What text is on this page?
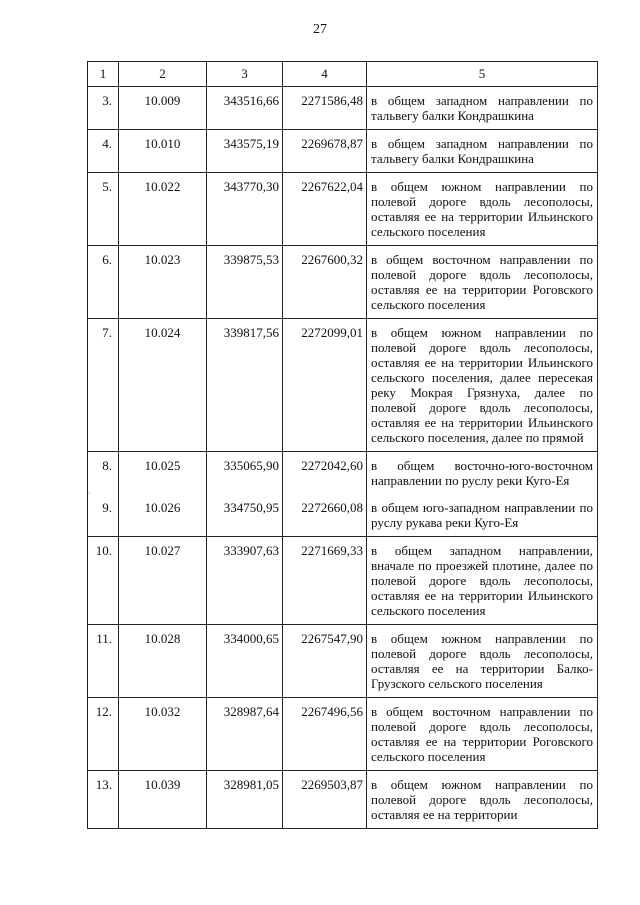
27
·
1	2	3	4	5
3.	10.009	343516,66	2271586,48	в общем западном направлении по тальвегу балки Кондрашкина
4.	10.010	343575,19	2269678,87	в общем западном направлении по тальвегу балки Кондрашкина
5.	10.022	343770,30	2267622,04	в общем южном направлении по полевой дороге вдоль лесополосы, оставляя ее на территории Ильинского сельского поселения
6.	10.023	339875,53	2267600,32	в общем восточном направлении по полевой дороге вдоль лесополосы, оставляя ее на территории Роговского сельского поселения
7.	10.024	339817,56	2272099,01	в общем южном направлении по полевой дороге вдоль лесополосы, оставляя ее на территории Ильинского сельского поселения, далее пересекая реку Мокрая Грязнуха, далее по полевой дороге вдоль лесополосы, оставляя ее на территории Ильинского сельского поселения, далее по прямой
8.	10.025	335065,90	2272042,60	в общем восточно-юго-восточном направлении по руслу реки Куго-Ея
9.	10.026	334750,95	2272660,08	в общем юго-западном направлении по руслу рукава реки Куго-Ея
10.	10.027	333907,63	2271669,33	в общем западном направлении, вначале по проезжей плотине, далее по полевой дороге вдоль лесополосы, оставляя ее на территории Ильинского сельского поселения
11.	10.028	334000,65	2267547,90	в общем южном направлении по полевой дороге вдоль лесополосы, оставляя ее на территории Балко-Грузского сельского поселения
12.	10.032	328987,64	2267496,56	в общем восточном направлении по полевой дороге вдоль лесополосы, оставляя ее на территории Роговского сельского поселения
13.	10.039	328981,05	2269503,87	в общем южном направлении по полевой дороге вдоль лесополосы, оставляя ее на территории
